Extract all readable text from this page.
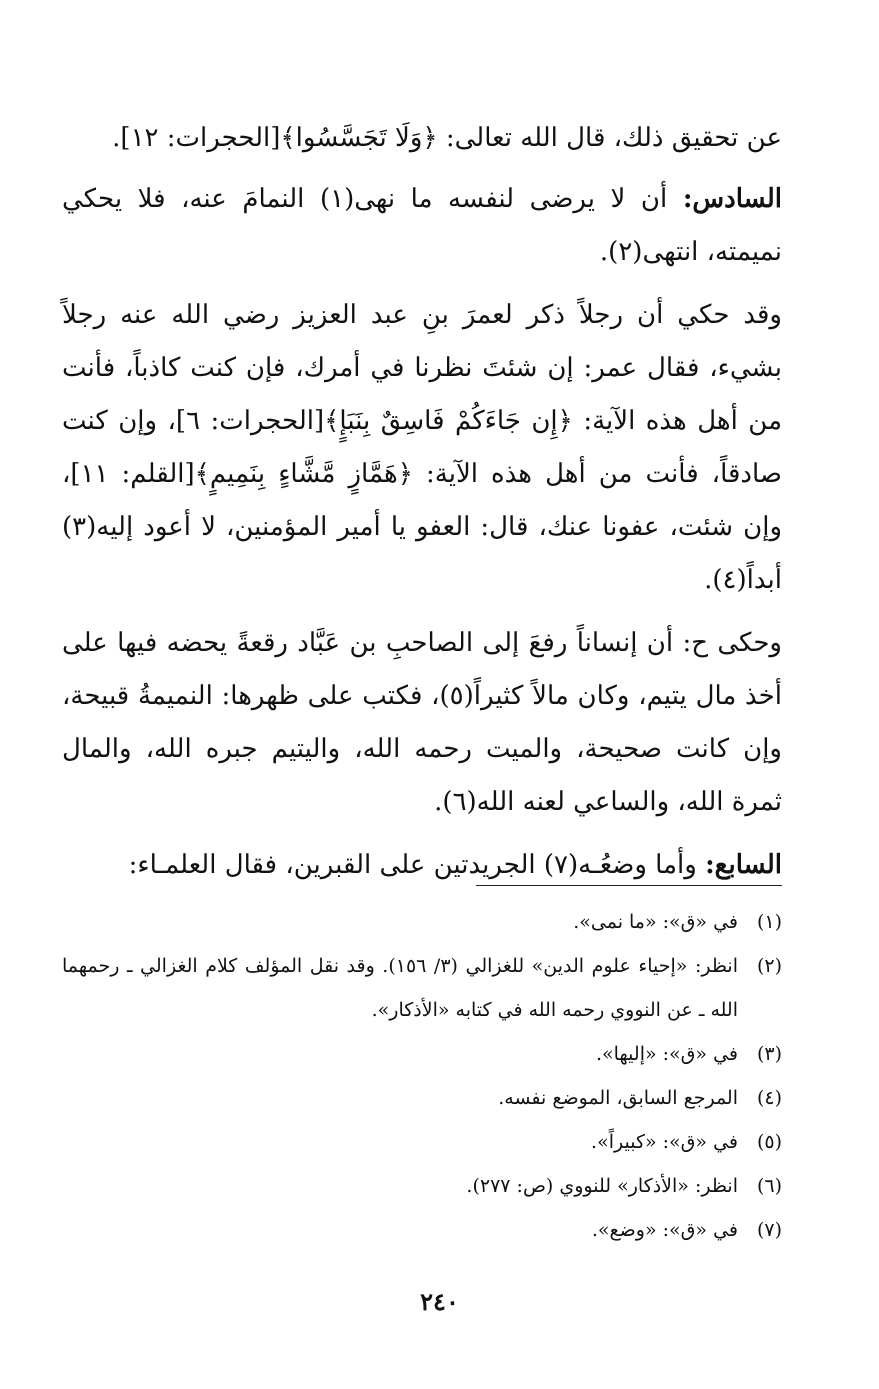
عن تحقيق ذلك، قال الله تعالى: ﴿وَلَا تَجَسَّسُوا﴾[الحجرات: ١٢].

السادس: أن لا يرضى لنفسه ما نهى(١) النمامَ عنه، فلا يحكي نميمته، انتهى(٢).

وقد حكي أن رجلاً ذكر لعمرَ بنِ عبد العزيز رضي الله عنه رجلاً بشيء، فقال عمر: إن شئتَ نظرنا في أمرك، فإن كنت كاذباً، فأنت من أهل هذه الآية: ﴿إِن جَاءَكُمْ فَاسِقٌ بِنَبَإٍ﴾[الحجرات: ٦]، وإن كنت صادقاً، فأنت من أهل هذه الآية: ﴿هَمَّازٍ مَّشَّاءٍ بِنَمِيمٍ﴾[القلم: ١١]، وإن شئت، عفونا عنك، قال: العفو يا أمير المؤمنين، لا أعود إليه(٣) أبداً(٤).

وحكى ح: أن إنساناً رفعَ إلى الصاحبِ بن عَبَّاد رقعةً يحضه فيها على أخذ مال يتيم، وكان مالاً كثيراً(٥)، فكتب على ظهرها: النميمةُ قبيحة، وإن كانت صحيحة، والميت رحمه الله، واليتيم جبره الله، والمال ثمرة الله، والساعي لعنه الله(٦).

السابع: وأما وضعُـه(٧) الجريدتين على القبرين، فقال العلمـاء:

(١)
في «ق»: «ما نمى».
(٢)
انظر: «إحياء علوم الدين» للغزالي (٣/ ١٥٦). وقد نقل المؤلف كلام الغزالي ـ رحمهما الله ـ عن النووي رحمه الله في كتابه «الأذكار».
(٣)
في «ق»: «إليها».
(٤)
المرجع السابق، الموضع نفسه.
(٥)
في «ق»: «كبيراً».
(٦)
انظر: «الأذكار» للنووي (ص: ٢٧٧).
(٧)
في «ق»: «وضع».
٢٤٠
